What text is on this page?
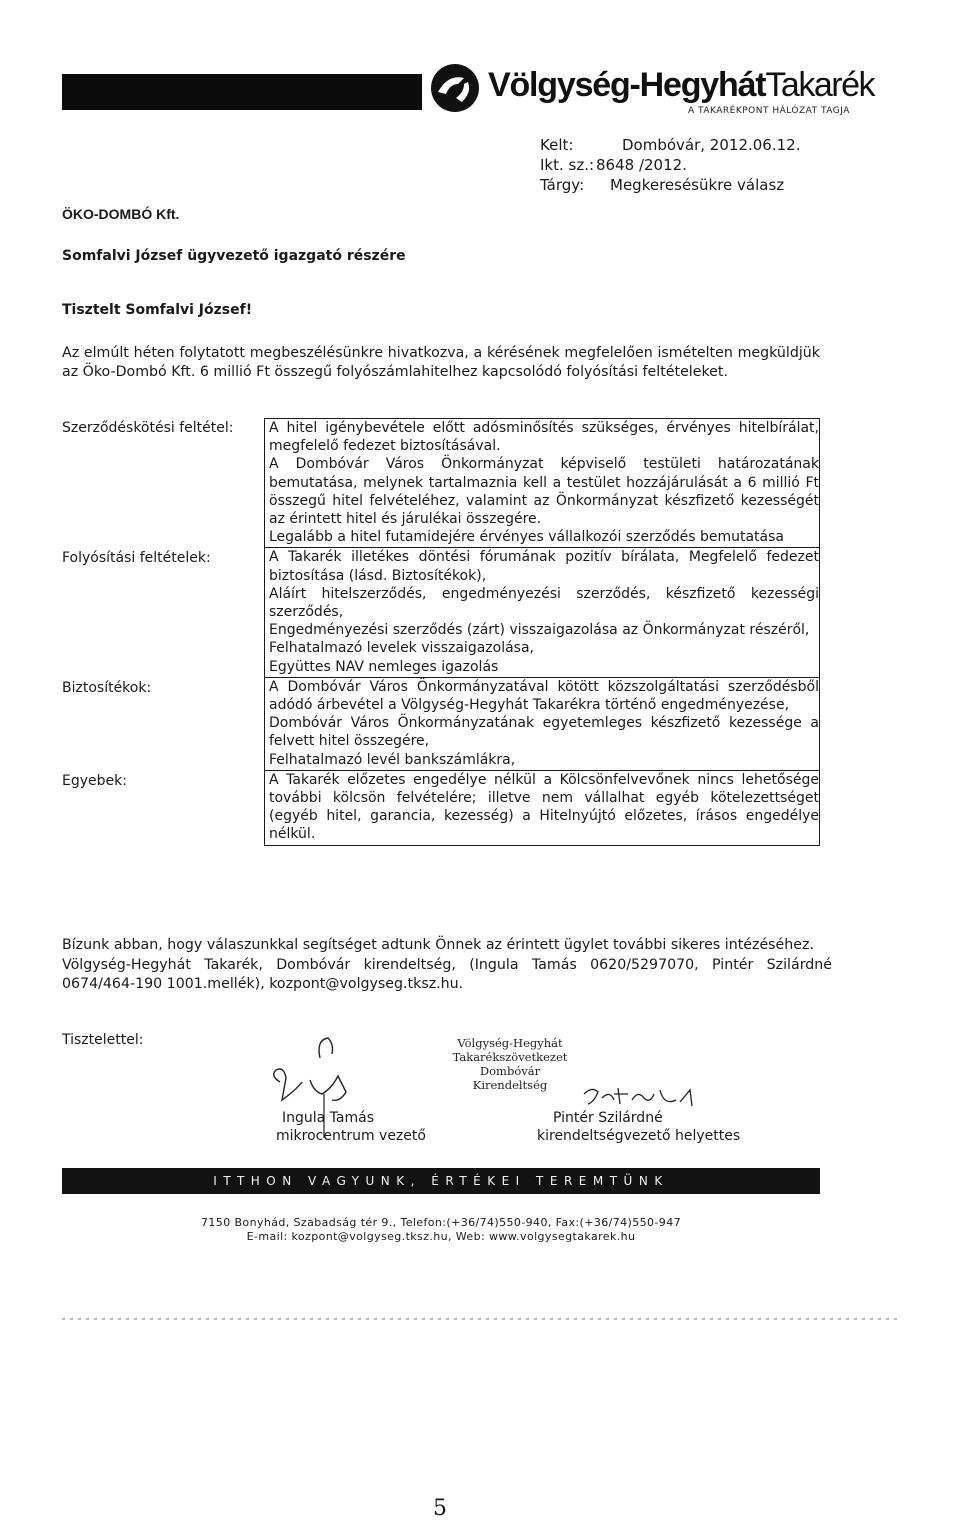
Völgység-HegyhátTakarék
A TAKARÉKPONT HÁLÓZAT TAGJA
Kelt:	Dombóvár, 2012.06.12.
Ikt. sz.: 8648 /2012.
Tárgy: Megkeresésükre válasz
ÖKO-DOMBÓ Kft.
Somfalvi József ügyvezető igazgató részére
Tisztelt Somfalvi József!
Az elmúlt héten folytatott megbeszélésünkre hivatkozva, a kérésének megfelelően ismételten megküldjük az Öko-Dombó Kft. 6 millió Ft összegű folyószámlahitelhez kapcsolódó folyósítási feltételeket.
Szerződéskötési feltétel:	A hitel igénybevétele előtt adósminősítés szükséges, érvényes hitelbírálat, megfelelő fedezet biztosításával.

A Dombóvár Város Önkormányzat képviselő testületi határozatának bemutatása, melynek tartalmaznia kell a testület hozzájárulását a 6 millió Ft összegű hitel felvételéhez, valamint az Önkormányzat készfizető kezességét az érintett hitel és járulékai összegére.

Legalább a hitel futamidejére érvényes vállalkozói szerződés bemutatása

Folyósítási feltételek:	A Takarék illetékes döntési fórumának pozitív bírálata, Megfelelő fedezet biztosítása (lásd. Biztosítékok),

Aláírt hitelszerződés, engedményezési szerződés, készfizető kezességi szerződés,

Engedményezési szerződés (zárt) visszaigazolása az Önkormányzat részéről,

Felhatalmazó levelek visszaigazolása,

Együttes NAV nemleges igazolás

Biztosítékok:	A Dombóvár Város Önkormányzatával kötött közszolgáltatási szerződésből adódó árbevétel a Völgység-Hegyhát Takarékra történő engedményezése,

Dombóvár Város Önkormányzatának egyetemleges készfizető kezessége a felvett hitel összegére,

Felhatalmazó levél bankszámlákra,

Egyebek:	A Takarék előzetes engedélye nélkül a Kölcsönfelvevőnek nincs lehetősége további kölcsön felvételére; illetve nem vállalhat egyéb kötelezettséget (egyéb hitel, garancia, kezesség) a Hitelnyújtó előzetes, írásos engedélye nélkül.

Bízunk abban, hogy válaszunkkal segítséget adtunk Önnek az érintett ügylet további sikeres intézéséhez.

Völgység-Hegyhát Takarék, Dombóvár kirendeltség, (Ingula Tamás 0620/5297070, Pintér Szilárdné 0674/464-190 1001.mellék), kozpont@volgyseg.tksz.hu.

Tisztelettel:	Völgység-Hegyhát
Takarékszövetkezet
Dombóvár
Kirendeltség
Ingula Tamás
mikrocentrum vezető
Pintér Szilárdné
kirendeltségvezető helyettes
ITTHON VAGYUNK, ÉRTÉKEI TEREMTÜNK
7150 Bonyhád, Szabadság tér 9., Telefon:(+36/74)550-940, Fax:(+36/74)550-947
E-mail: kozpont@volgyseg.tksz.hu, Web: www.volgysegtakarek.hu
5
